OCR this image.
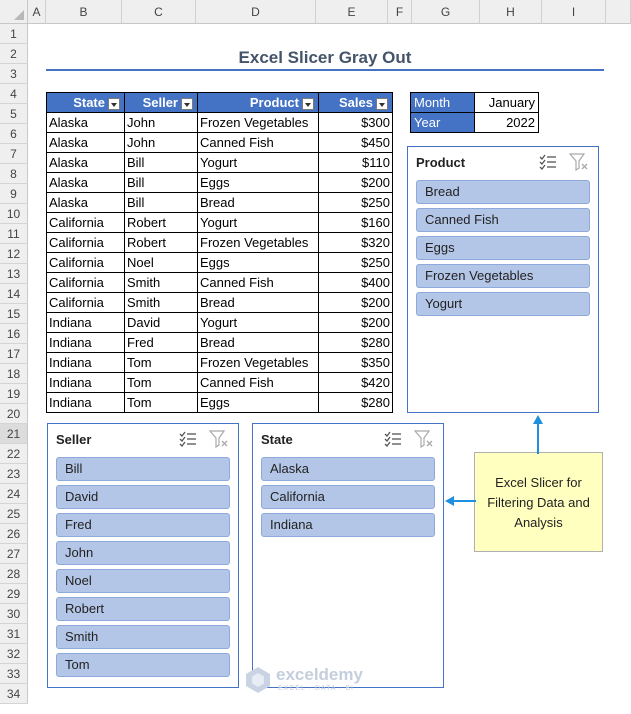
A	B	C	D	E	F	G	H	I
1
2
3
4
5
6
7
8
9
10
11
12
13
14
15
16
17
18
19
20
21
22
23
24
25
26
27
28
29
30
31
32
33
34
Excel Slicer Gray Out
State	Seller	Product	Sales
Alaska	John	Frozen Vegetables	$300
Alaska	John	Canned Fish	$450
Alaska	Bill	Yogurt	$110
Alaska	Bill	Eggs	$200
Alaska	Bill	Bread	$250
California	Robert	Yogurt	$160
California	Robert	Frozen Vegetables	$320
California	Noel	Eggs	$250
California	Smith	Canned Fish	$400
California	Smith	Bread	$200
Indiana	David	Yogurt	$200
Indiana	Fred	Bread	$280
Indiana	Tom	Frozen Vegetables	$350
Indiana	Tom	Canned Fish	$420
Indiana	Tom	Eggs	$280
Month	January
Year	2022
Product
Bread
Canned Fish
Eggs
Frozen Vegetables
Yogurt
Seller
Bill
David
Fred
John
Noel
Robert
Smith
Tom
State
Alaska
California
Indiana
Excel Slicer for
Filtering Data and
Analysis
exceldemy
EXCEL · DATA · BI
